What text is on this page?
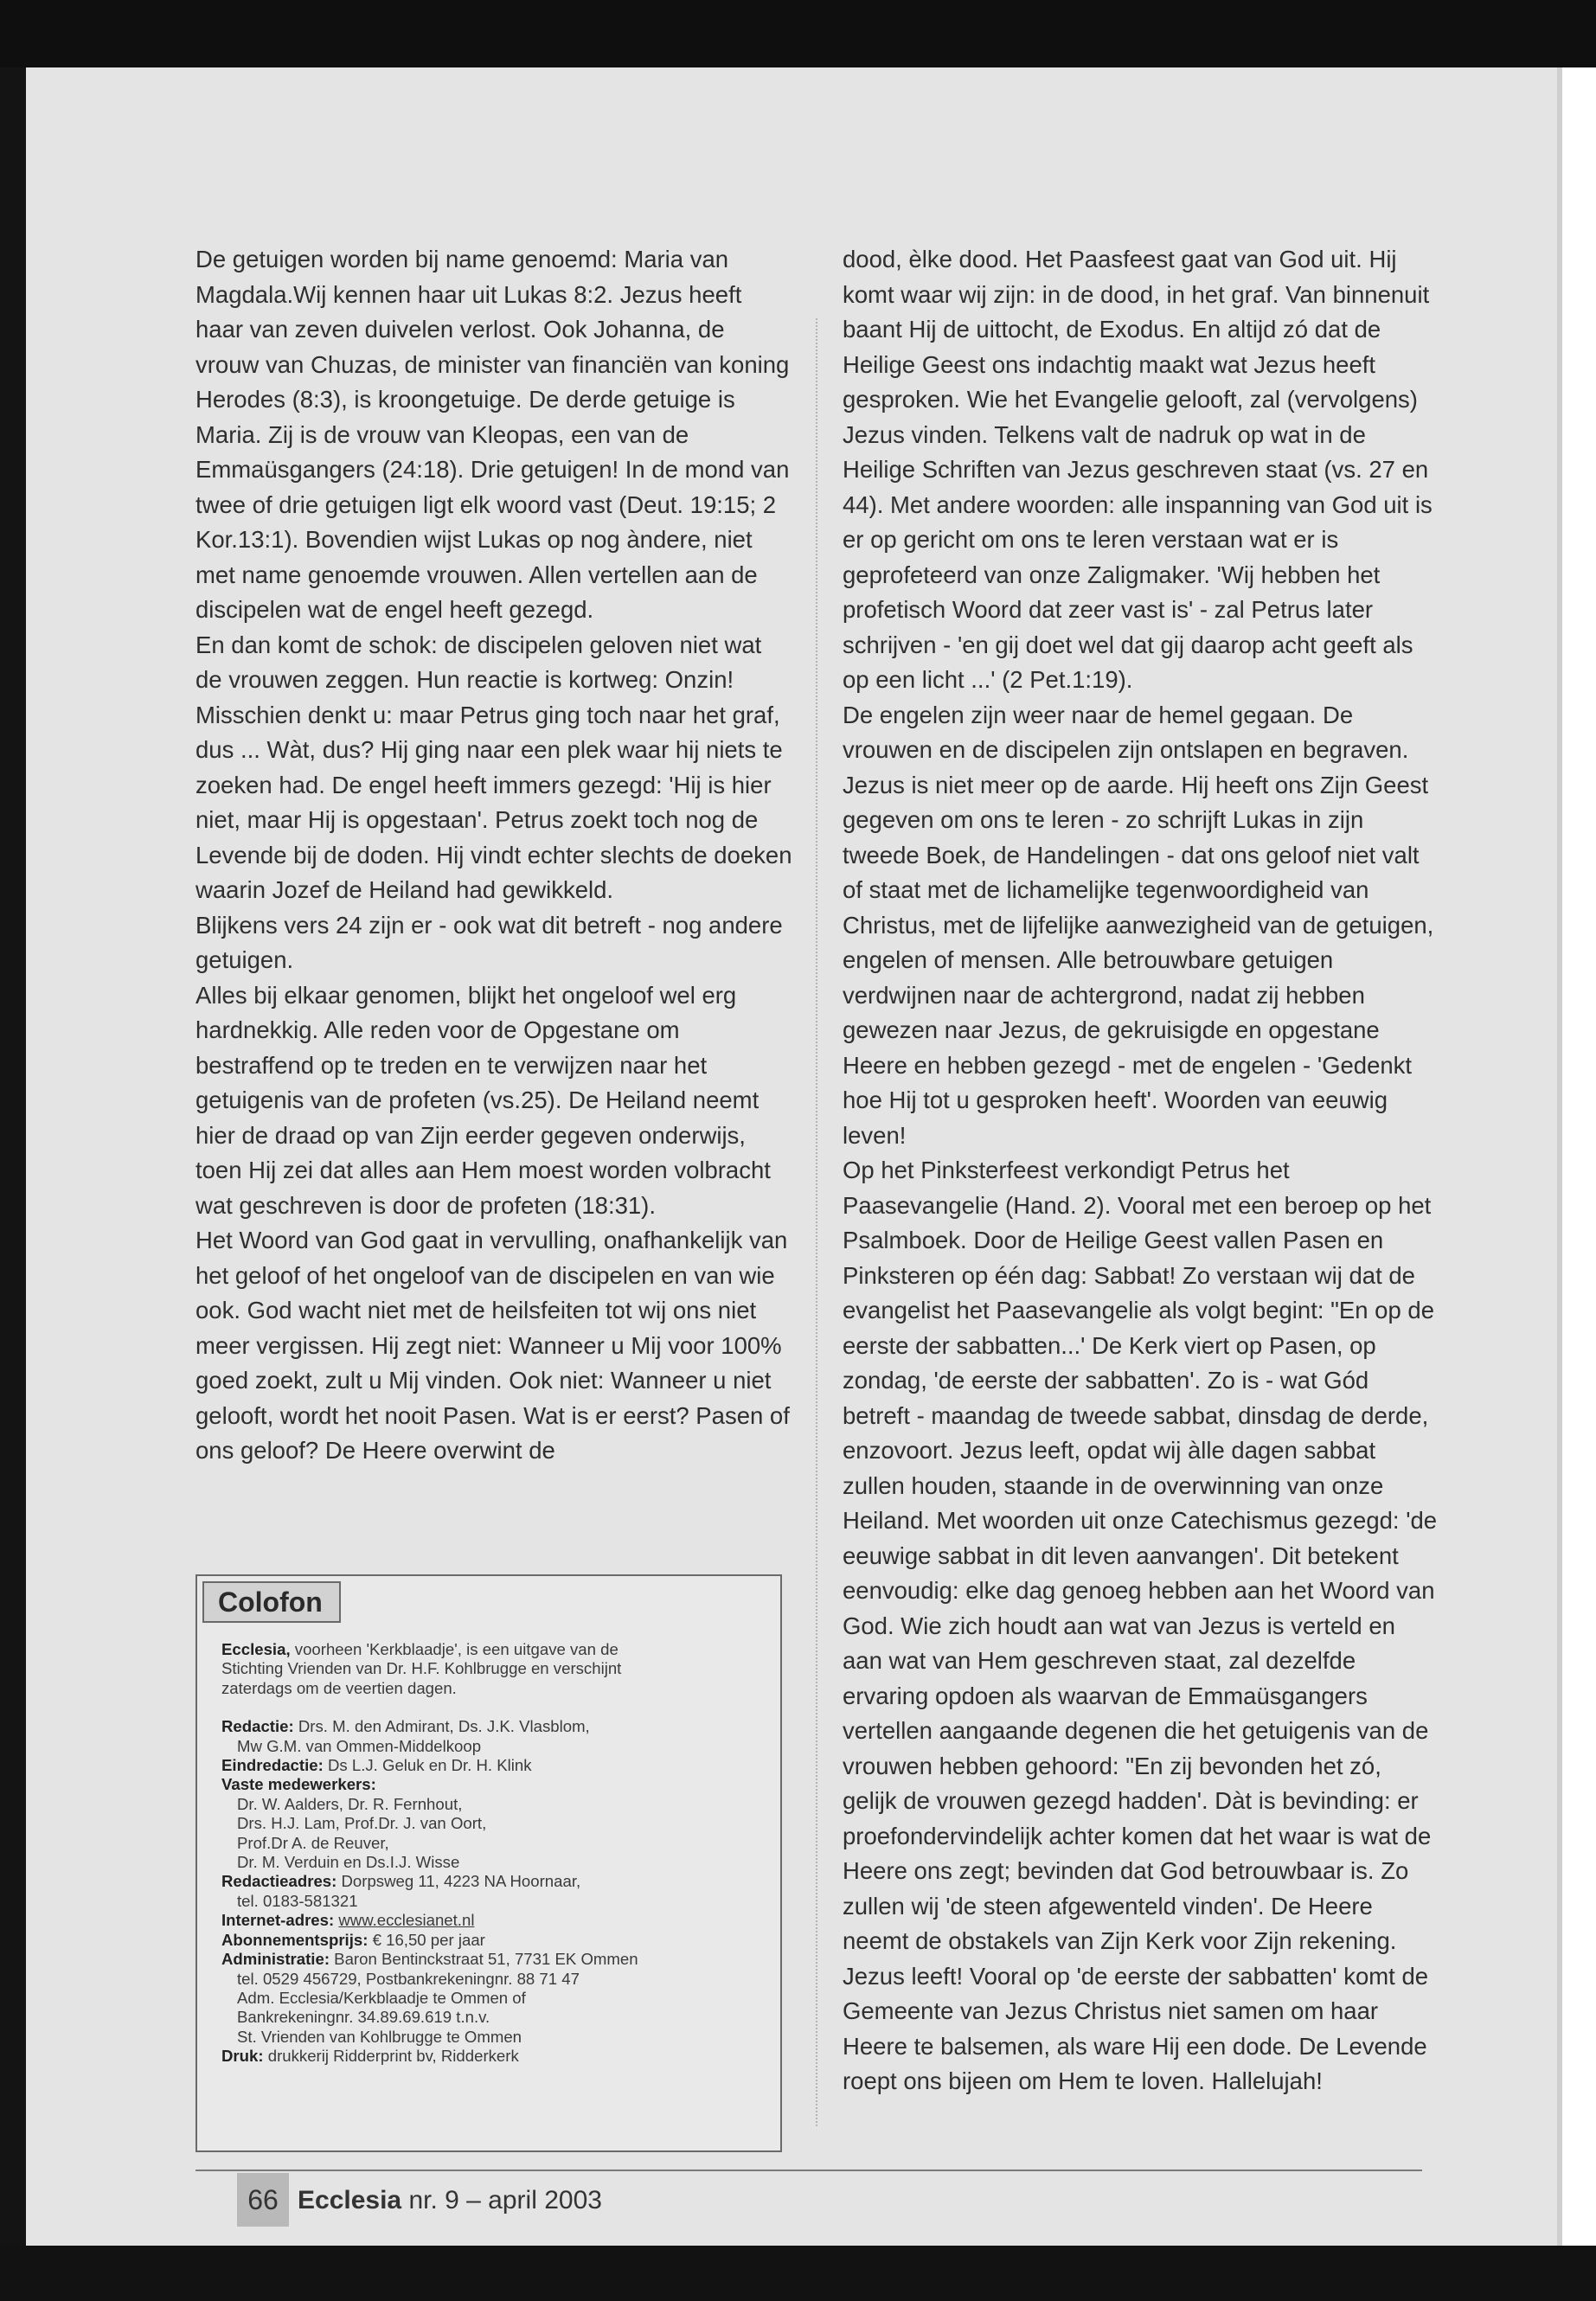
De getuigen worden bij name genoemd: Maria van Magdala.Wij kennen haar uit Lukas 8:2. Jezus heeft haar van zeven duivelen verlost. Ook Johanna, de vrouw van Chuzas, de minister van financiën van koning Herodes (8:3), is kroongetuige. De derde getuige is Maria. Zij is de vrouw van Kleopas, een van de Emmaüsgangers (24:18). Drie getuigen! In de mond van twee of drie getuigen ligt elk woord vast (Deut. 19:15; 2 Kor.13:1). Bovendien wijst Lukas op nog àndere, niet met name genoemde vrouwen. Allen vertellen aan de discipelen wat de engel heeft gezegd.

En dan komt de schok: de discipelen geloven niet wat de vrouwen zeggen. Hun reactie is kortweg: Onzin! Misschien denkt u: maar Petrus ging toch naar het graf, dus ... Wàt, dus? Hij ging naar een plek waar hij niets te zoeken had. De engel heeft immers gezegd: 'Hij is hier niet, maar Hij is opgestaan'. Petrus zoekt toch nog de Levende bij de doden. Hij vindt echter slechts de doeken waarin Jozef de Heiland had gewikkeld.

Blijkens vers 24 zijn er - ook wat dit betreft - nog andere getuigen.

Alles bij elkaar genomen, blijkt het ongeloof wel erg hardnekkig. Alle reden voor de Opgestane om bestraffend op te treden en te verwijzen naar het getuigenis van de profeten (vs.25). De Heiland neemt hier de draad op van Zijn eerder gegeven onderwijs, toen Hij zei dat alles aan Hem moest worden volbracht wat geschreven is door de profeten (18:31).

Het Woord van God gaat in vervulling, onafhankelijk van het geloof of het ongeloof van de discipelen en van wie ook. God wacht niet met de heilsfeiten tot wij ons niet meer vergissen. Hij zegt niet: Wanneer u Mij voor 100% goed zoekt, zult u Mij vinden. Ook niet: Wanneer u niet gelooft, wordt het nooit Pasen. Wat is er eerst? Pasen of ons geloof? De Heere overwint de

dood, èlke dood. Het Paasfeest gaat van God uit. Hij komt waar wij zijn: in de dood, in het graf. Van binnenuit baant Hij de uittocht, de Exodus. En altijd zó dat de Heilige Geest ons indachtig maakt wat Jezus heeft gesproken. Wie het Evangelie gelooft, zal (vervolgens) Jezus vinden. Telkens valt de nadruk op wat in de Heilige Schriften van Jezus geschreven staat (vs. 27 en 44). Met andere woorden: alle inspanning van God uit is er op gericht om ons te leren verstaan wat er is geprofeteerd van onze Zaligmaker. 'Wij hebben het profetisch Woord dat zeer vast is' - zal Petrus later schrijven - 'en gij doet wel dat gij daarop acht geeft als op een licht ...' (2 Pet.1:19).

De engelen zijn weer naar de hemel gegaan. De vrouwen en de discipelen zijn ontslapen en begraven. Jezus is niet meer op de aarde. Hij heeft ons Zijn Geest gegeven om ons te leren - zo schrijft Lukas in zijn tweede Boek, de Handelingen - dat ons geloof niet valt of staat met de lichamelijke tegenwoordigheid van Christus, met de lijfelijke aanwezigheid van de getuigen, engelen of mensen. Alle betrouwbare getuigen verdwijnen naar de achtergrond, nadat zij hebben gewezen naar Jezus, de gekruisigde en opgestane Heere en hebben gezegd - met de engelen - 'Gedenkt hoe Hij tot u gesproken heeft'. Woorden van eeuwig leven!

Op het Pinksterfeest verkondigt Petrus het Paasevangelie (Hand. 2). Vooral met een beroep op het Psalmboek. Door de Heilige Geest vallen Pasen en Pinksteren op één dag: Sabbat! Zo verstaan wij dat de evangelist het Paasevangelie als volgt begint: "En op de eerste der sabbatten...' De Kerk viert op Pasen, op zondag, 'de eerste der sabbatten'. Zo is - wat Gód betreft - maandag de tweede sabbat, dinsdag de derde, enzovoort. Jezus leeft, opdat wij àlle dagen sabbat zullen houden, staande in de overwinning van onze Heiland. Met woorden uit onze Catechismus gezegd: 'de eeuwige sabbat in dit leven aanvangen'. Dit betekent eenvoudig: elke dag genoeg hebben aan het Woord van God. Wie zich houdt aan wat van Jezus is verteld en aan wat van Hem geschreven staat, zal dezelfde ervaring opdoen als waarvan de Emmaüsgangers vertellen aangaande degenen die het getuigenis van de vrouwen hebben gehoord: "En zij bevonden het zó, gelijk de vrouwen gezegd hadden'. Dàt is bevinding: er proefondervindelijk achter komen dat het waar is wat de Heere ons zegt; bevinden dat God betrouwbaar is. Zo zullen wij 'de steen afgewenteld vinden'. De Heere neemt de obstakels van Zijn Kerk voor Zijn rekening. Jezus leeft! Vooral op 'de eerste der sabbatten' komt de Gemeente van Jezus Christus niet samen om haar Heere te balsemen, als ware Hij een dode. De Levende roept ons bijeen om Hem te loven. Hallelujah!

Colofon
Ecclesia, voorheen 'Kerkblaadje', is een uitgave van de
Stichting Vrienden van Dr. H.F. Kohlbrugge en verschijnt
zaterdags om de veertien dagen.
Redactie: Drs. M. den Admirant, Ds. J.K. Vlasblom,
Mw G.M. van Ommen-Middelkoop
Eindredactie: Ds L.J. Geluk en Dr. H. Klink
Vaste medewerkers:
Dr. W. Aalders, Dr. R. Fernhout,
Drs. H.J. Lam, Prof.Dr. J. van Oort,
Prof.Dr A. de Reuver,
Dr. M. Verduin en Ds.I.J. Wisse
Redactieadres: Dorpsweg 11, 4223 NA Hoornaar,
tel. 0183-581321
Internet-adres: www.ecclesianet.nl
Abonnementsprijs: € 16,50 per jaar
Administratie: Baron Bentinckstraat 51, 7731 EK Ommen
tel. 0529 456729, Postbankrekeningnr. 88 71 47
Adm. Ecclesia/Kerkblaadje te Ommen of
Bankrekeningnr. 34.89.69.619 t.n.v.
St. Vrienden van Kohlbrugge te Ommen
Druk: drukkerij Ridderprint bv, Ridderkerk
66 Ecclesia nr. 9 – april 2003
